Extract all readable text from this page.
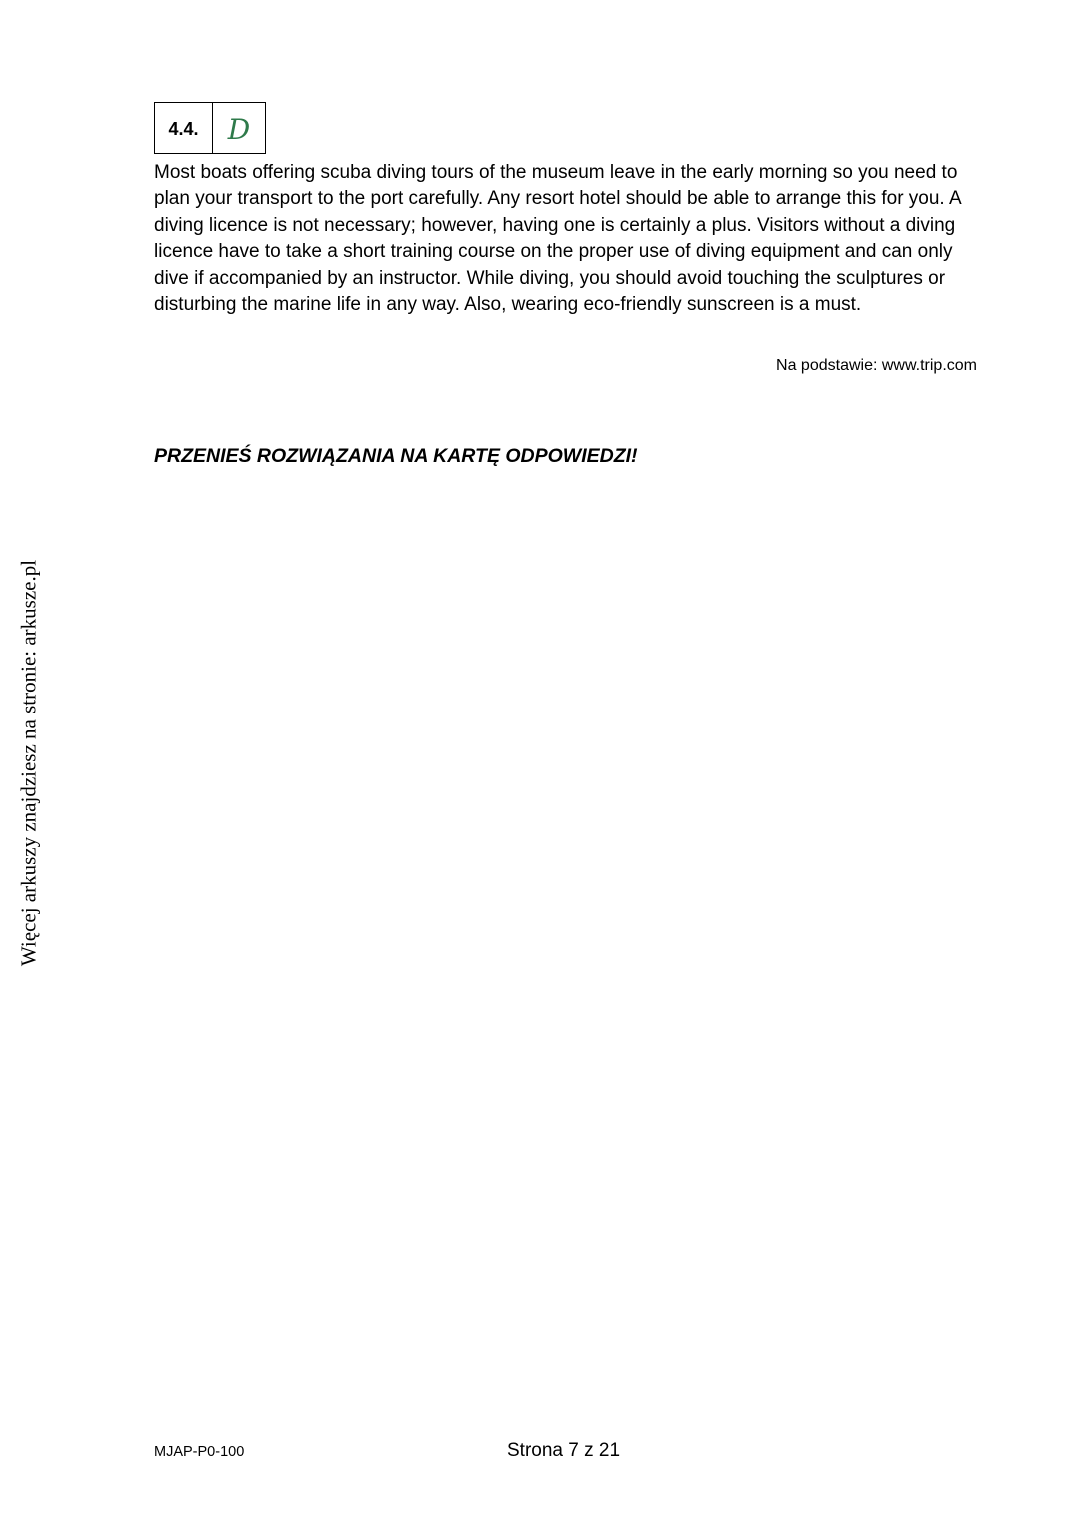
4.4.	D

Most boats offering scuba diving tours of the museum leave in the early morning so you need to plan your transport to the port carefully. Any resort hotel should be able to arrange this for you. A diving licence is not necessary; however, having one is certainly a plus. Visitors without a diving licence have to take a short training course on the proper use of diving equipment and can only dive if accompanied by an instructor. While diving, you should avoid touching the sculptures or disturbing the marine life in any way. Also, wearing eco-friendly sunscreen is a must.

Na podstawie: www.trip.com

PRZENIEŚ ROZWIĄZANIA NA KARTĘ ODPOWIEDZI!

Więcej arkuszy znajdziesz na stronie: arkusze.pl
MJAP-P0-100	Strona 7 z 21
